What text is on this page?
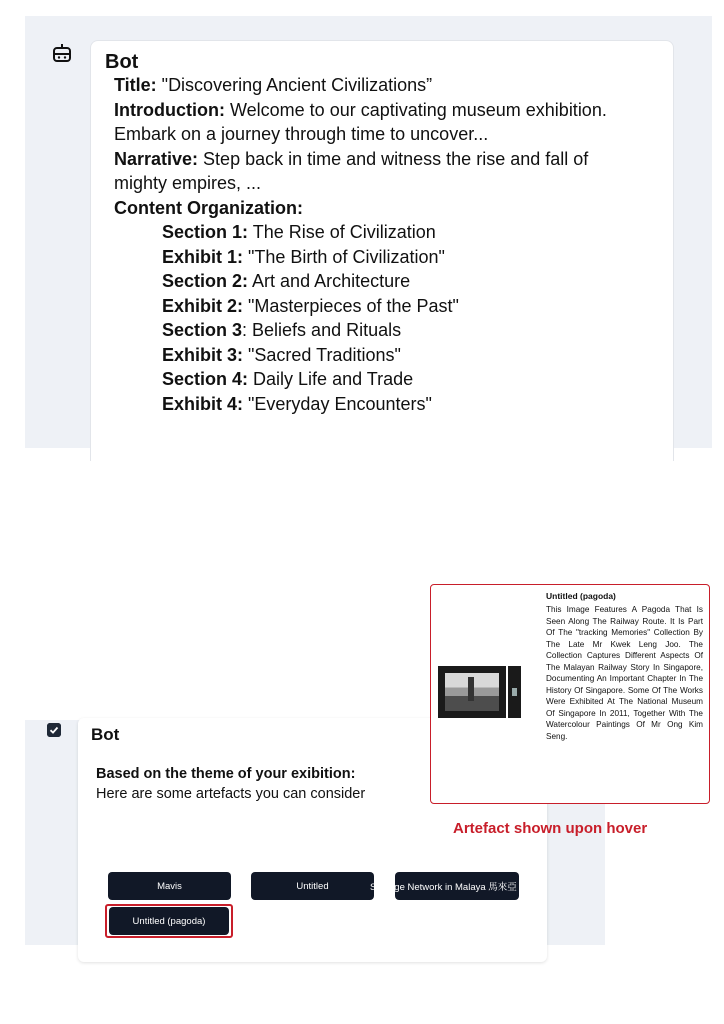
Bot
Title: "Discovering Ancient Civilizations”
Introduction: Welcome to our captivating museum exhibition.
Embark on a journey through time to uncover...
Narrative: Step back in time and witness the rise and fall of
mighty empires, ...
Content Organization:
Section 1: The Rise of Civilization
Exhibit 1: "The Birth of Civilization"
Section 2: Art and Architecture
Exhibit 2: "Masterpieces of the Past"
Section 3: Beliefs and Rituals
Exhibit 3: "Sacred Traditions"
Section 4: Daily Life and Trade
Exhibit 4: "Everyday Encounters"
Bot
Based on the theme of your exibition:
Here are some artefacts you can consider
Mavis	Untitled	Signage Network in Malaya 馬來亞
Untitled (pagoda)
Untitled (pagoda)
This Image Features A Pagoda That Is Seen Along The Railway Route. It Is Part Of The "tracking Memories" Collection By The Late Mr Kwek Leng Joo. The Collection Captures Different Aspects Of The Malayan Railway Story In Singapore, Documenting An Important Chapter In The History Of Singapore. Some Of The Works Were Exhibited At The National Museum Of Singapore In 2011, Together With The Watercolour Paintings Of Mr Ong Kim Seng.
Artefact shown upon hover
